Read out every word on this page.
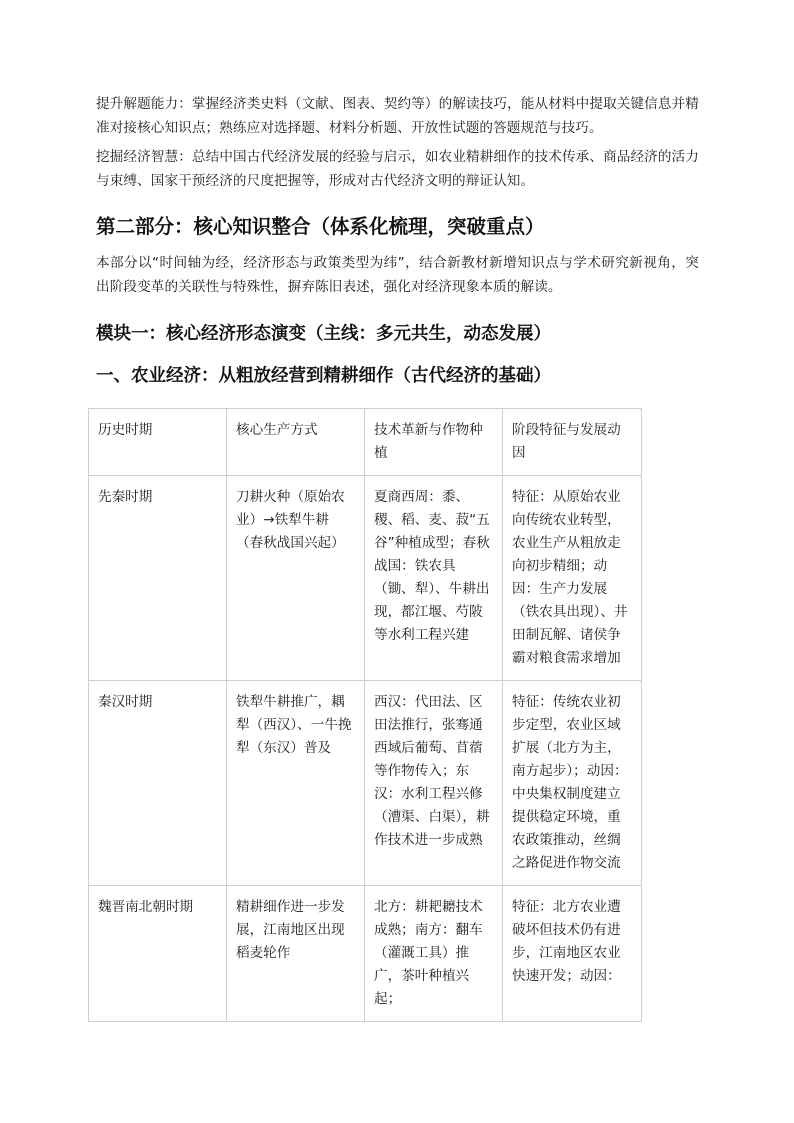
提升解题能力：掌握经济类史料（文献、图表、契约等）的解读技巧，能从材料中提取关键信息并精准对接核心知识点；熟练应对选择题、材料分析题、开放性试题的答题规范与技巧。

挖掘经济智慧：总结中国古代经济发展的经验与启示，如农业精耕细作的技术传承、商品经济的活力与束缚、国家干预经济的尺度把握等，形成对古代经济文明的辩证认知。

第二部分：核心知识整合（体系化梳理，突破重点）

本部分以“时间轴为经，经济形态与政策类型为纬”，结合新教材新增知识点与学术研究新视角，突出阶段变革的关联性与特殊性，摒弃陈旧表述，强化对经济现象本质的解读。

模块一：核心经济形态演变（主线：多元共生，动态发展）
一、农业经济：从粗放经营到精耕细作（古代经济的基础）
历史时期	核心生产方式	技术革新与作物种植	阶段特征与发展动因
先秦时期	刀耕火种（原始农业）→铁犁牛耕（春秋战国兴起）	夏商西周：黍、稷、稻、麦、菽“五谷”种植成型；春秋战国：铁农具（锄、犁）、牛耕出现，都江堰、芍陂等水利工程兴建	特征：从原始农业向传统农业转型，农业生产从粗放走向初步精细；动因：生产力发展（铁农具出现）、井田制瓦解、诸侯争霸对粮食需求增加
秦汉时期	铁犁牛耕推广，耦犁（西汉）、一牛挽犁（东汉）普及	西汉：代田法、区田法推行，张骞通西域后葡萄、苜蓿等作物传入；东汉：水利工程兴修（漕渠、白渠），耕作技术进一步成熟	特征：传统农业初步定型，农业区域扩展（北方为主，南方起步）；动因：中央集权制度建立提供稳定环境，重农政策推动，丝绸之路促进作物交流
魏晋南北朝时期	精耕细作进一步发展，江南地区出现稻麦轮作	北方：耕耙耱技术成熟；南方：翻车（灌溉工具）推广，茶叶种植兴起；	特征：北方农业遭破坏但技术仍有进步，江南地区农业快速开发；动因：
